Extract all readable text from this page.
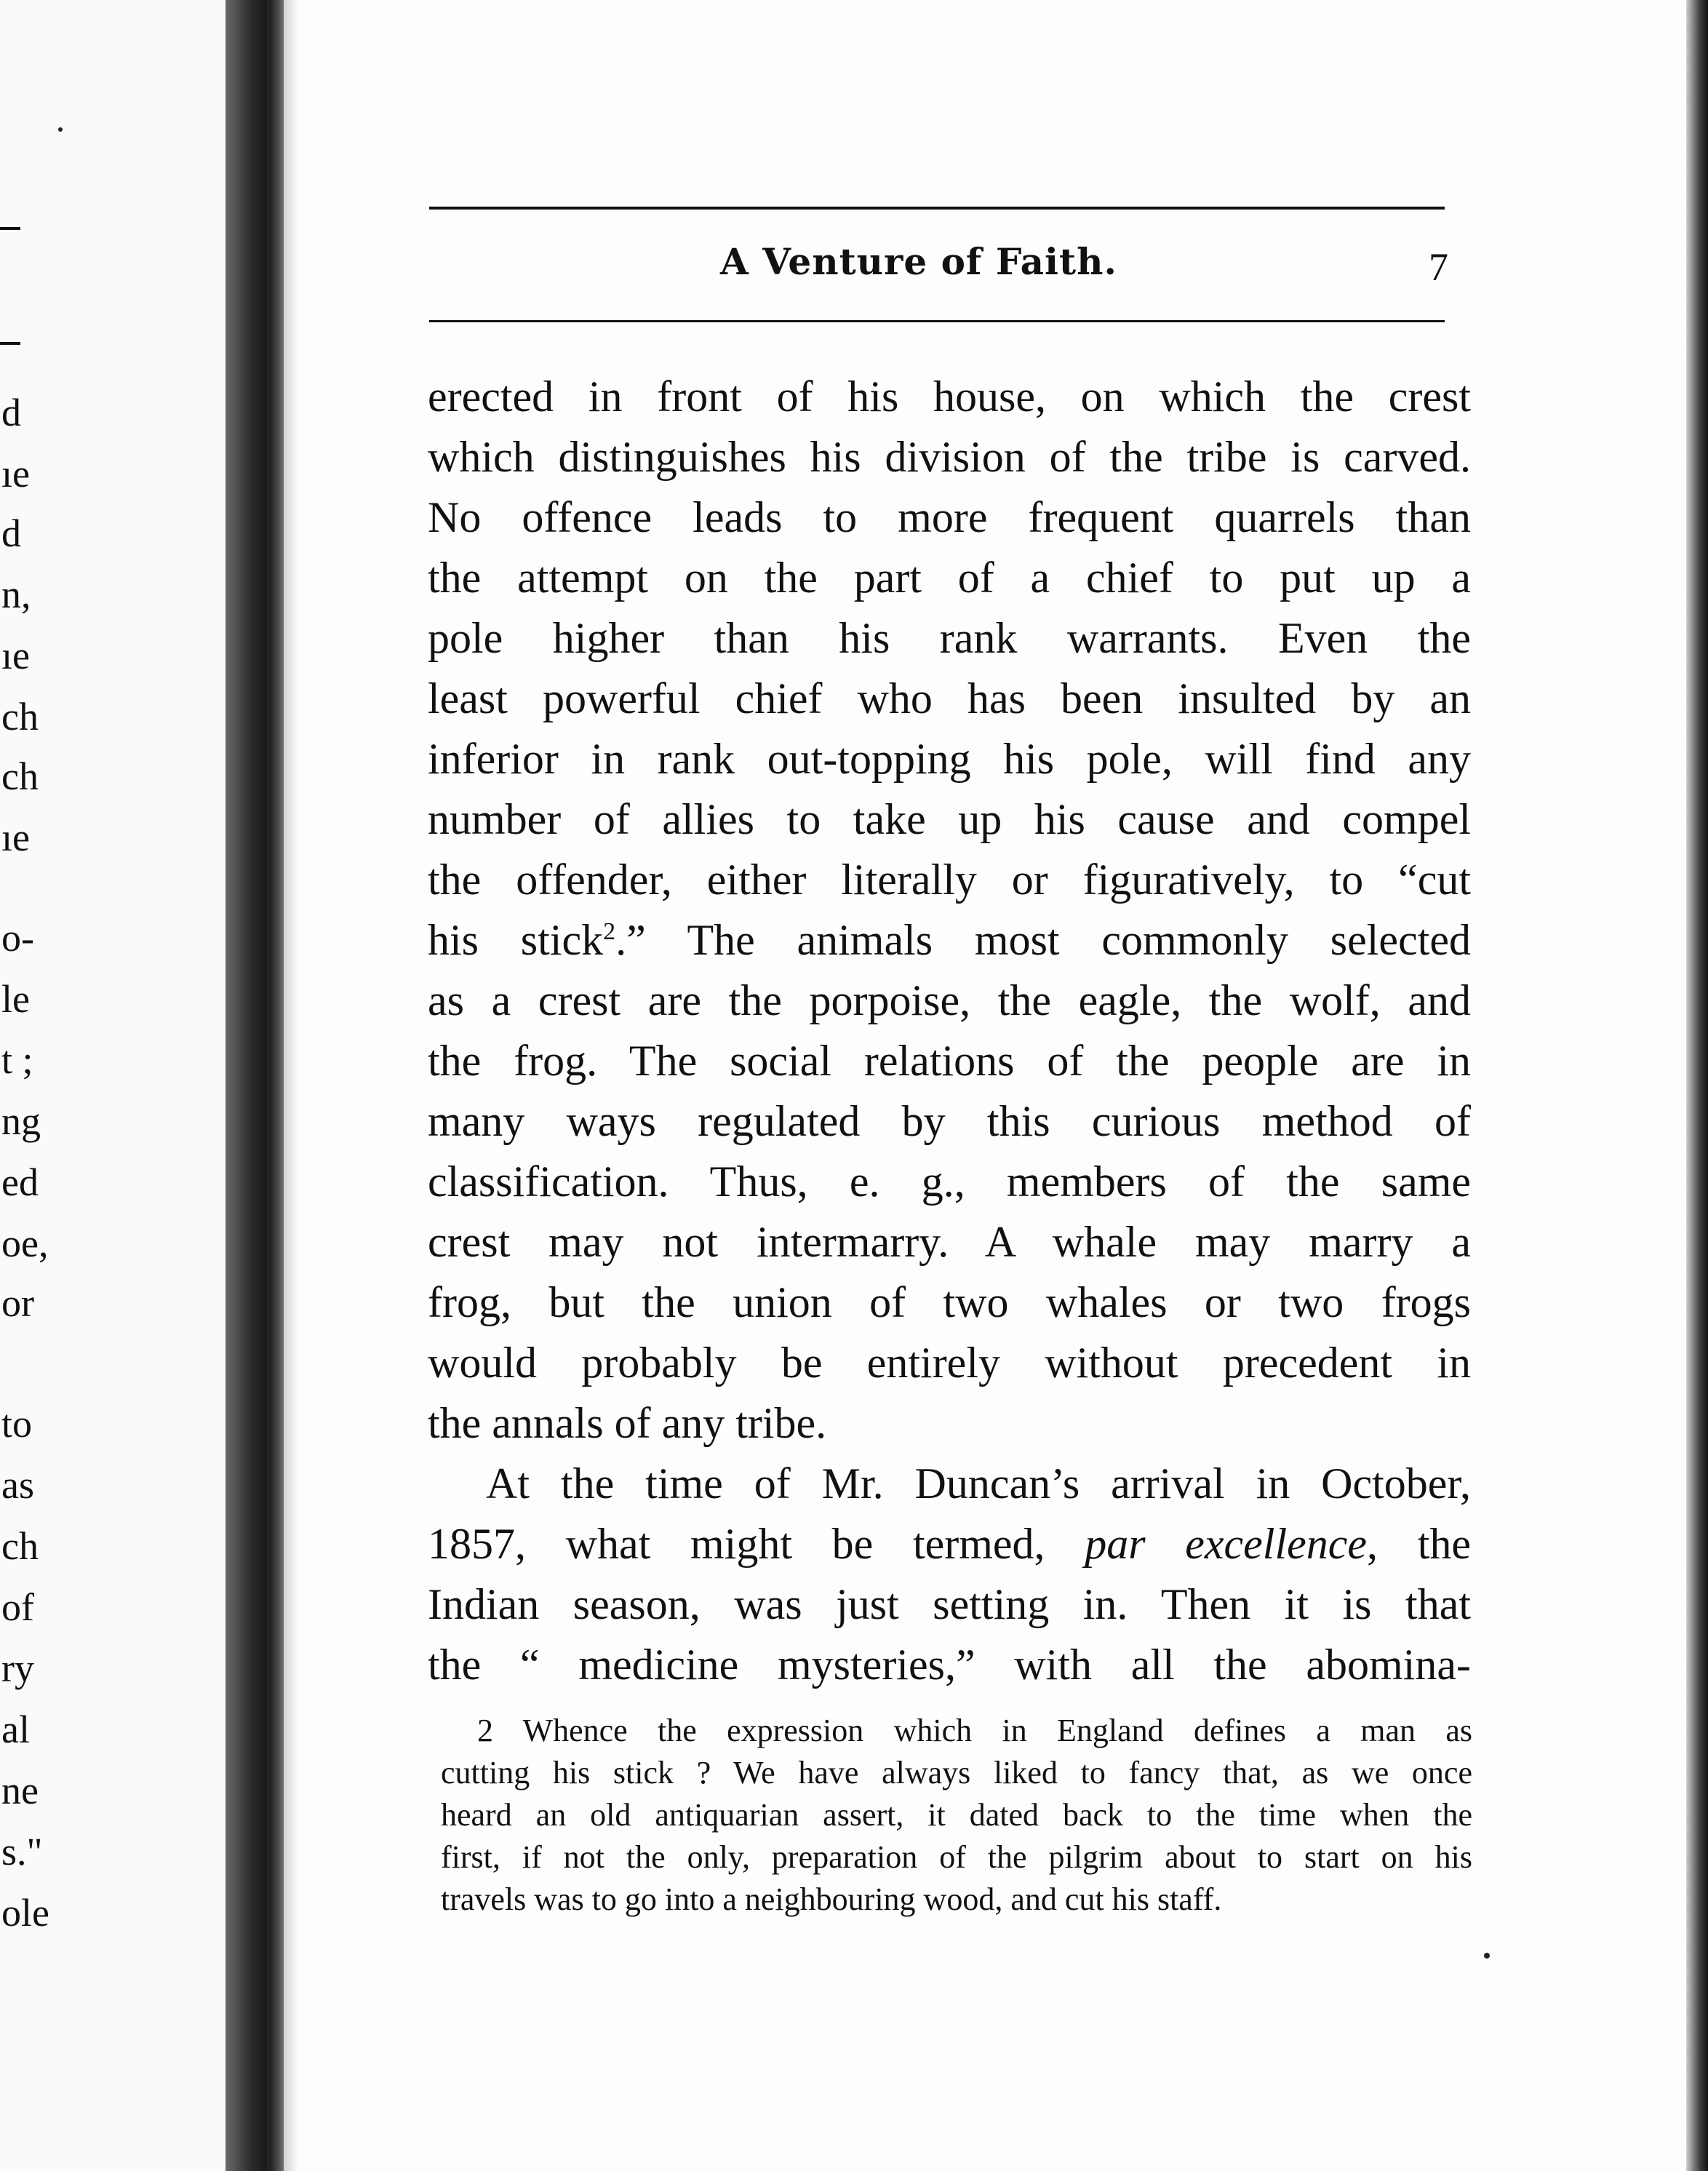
d
ıe
d
n,
ıe
ch
ch
ıe
o-
le
t ;
ng
ed
oe,
or
to
as
ch
of
ry
al
ne
s."
ole
A Venture of Faith.	7
erected in front of his house, on which the crest
which distinguishes his division of the tribe is carved.
No offence leads to more frequent quarrels than
the attempt on the part of a chief to put up a
pole higher than his rank warrants. Even the
least powerful chief who has been insulted by an
inferior in rank out-topping his pole, will find any
number of allies to take up his cause and compel
the offender, either literally or figuratively, to “cut
his stick$^2$.” The animals most commonly selected
as a crest are the porpoise, the eagle, the wolf, and
the frog. The social relations of the people are in
many ways regulated by this curious method of
classification. Thus, e. g., members of the same
crest may not intermarry. A whale may marry a
frog, but the union of two whales or two frogs
would probably be entirely without precedent in
the annals of any tribe.
At the time of Mr. Duncan’s arrival in October,
1857, what might be termed, par excellence, the
Indian season, was just setting in. Then it is that
the “ medicine mysteries,” with all the abomina-
2 Whence the expression which in England defines a man as
cutting his stick ? We have always liked to fancy that, as we once
heard an old antiquarian assert, it dated back to the time when the
first, if not the only, preparation of the pilgrim about to start on his
travels was to go into a neighbouring wood, and cut his staff.
